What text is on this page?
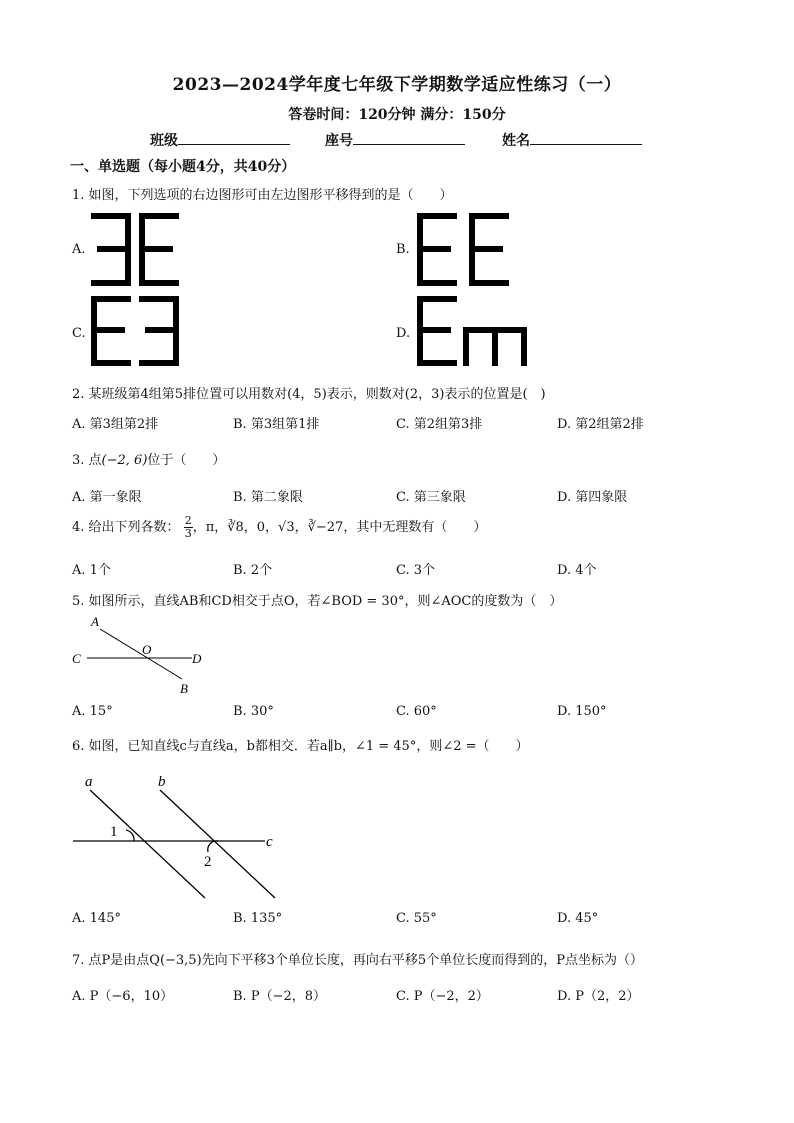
2023—2024学年度七年级下学期数学适应性练习（一）
答卷时间：120分钟 满分：150分
班级	座号	姓名
一、单选题（每小题4分，共40分）
1. 如图，下列选项的右边图形可由左边图形平移得到的是（　　）
A.	B.
C.	D.
2. 某班级第4组第5排位置可以用数对(4，5)表示，则数对(2，3)表示的位置是(　)
A. 第3组第2排	B. 第3组第1排	C. 第2组第3排	D. 第2组第2排
3. 点(−2, 6)位于（　　）
A. 第一象限	B. 第二象限	C. 第三象限	D. 第四象限
4. 给出下列各数： $\frac{2}{3}$ ，π，∛8，0，√3，∛−27，其中无理数有（　　）
A. 1个	B. 2个	C. 3个	D. 4个
5. 如图所示，直线AB和CD相交于点O，若∠BOD = 30°，则∠AOC的度数为（　）
A
O
C	D
B
A. 15°	B. 30°	C. 60°	D. 150°
6. 如图，已知直线c与直线a，b都相交．若a∥b，∠1 = 45°，则∠2 =（　　）
a	b
c
1
2
A. 145°	B. 135°	C. 55°	D. 45°
7. 点P是由点Q(−3,5)先向下平移3个单位长度，再向右平移5个单位长度而得到的，P点坐标为（）
A. P（−6，10）	B. P（−2，8）	C. P（−2，2）	D. P（2，2）
